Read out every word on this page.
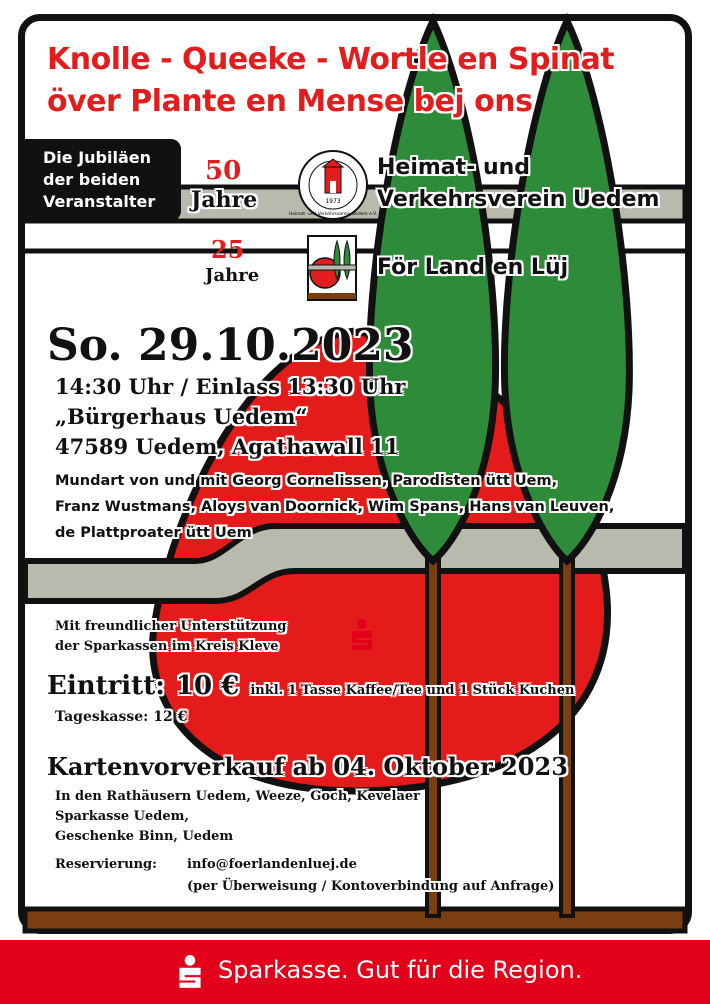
Knolle - Queeke - Wortle en Spinat
över Plante en Mense bej ons
Die Jubiläen
der beiden
Veranstalter
50
Jahre	1973
Heimat- und Verkehrsverein Uedem e.V.
Heimat- und
Verkehrsverein Uedem
25
Jahre	För Land en Lüj
So. 29.10.2023
14:30 Uhr / Einlass 13:30 Uhr
„Bürgerhaus Uedem“
47589 Uedem, Agathawall 11
Mundart von und mit Georg Cornelissen, Parodisten ütt Uem,
Franz Wustmans, Aloys van Doornick, Wim Spans, Hans van Leuven,
de Plattproater ütt Uem
Mit freundlicher Unterstützung
der Sparkassen im Kreis Kleve
Eintritt: 10 € inkl. 1 Tasse Kaffee/Tee und 1 Stück Kuchen
Tageskasse: 12 €
Kartenvorverkauf ab 04. Oktober 2023
In den Rathäusern Uedem, Weeze, Goch, Kevelaer
Sparkasse Uedem,
Geschenke Binn, Uedem
Reservierung: info@foerlandenluej.de
(per Überweisung / Kontoverbindung auf Anfrage)
Sparkasse. Gut für die Region.
